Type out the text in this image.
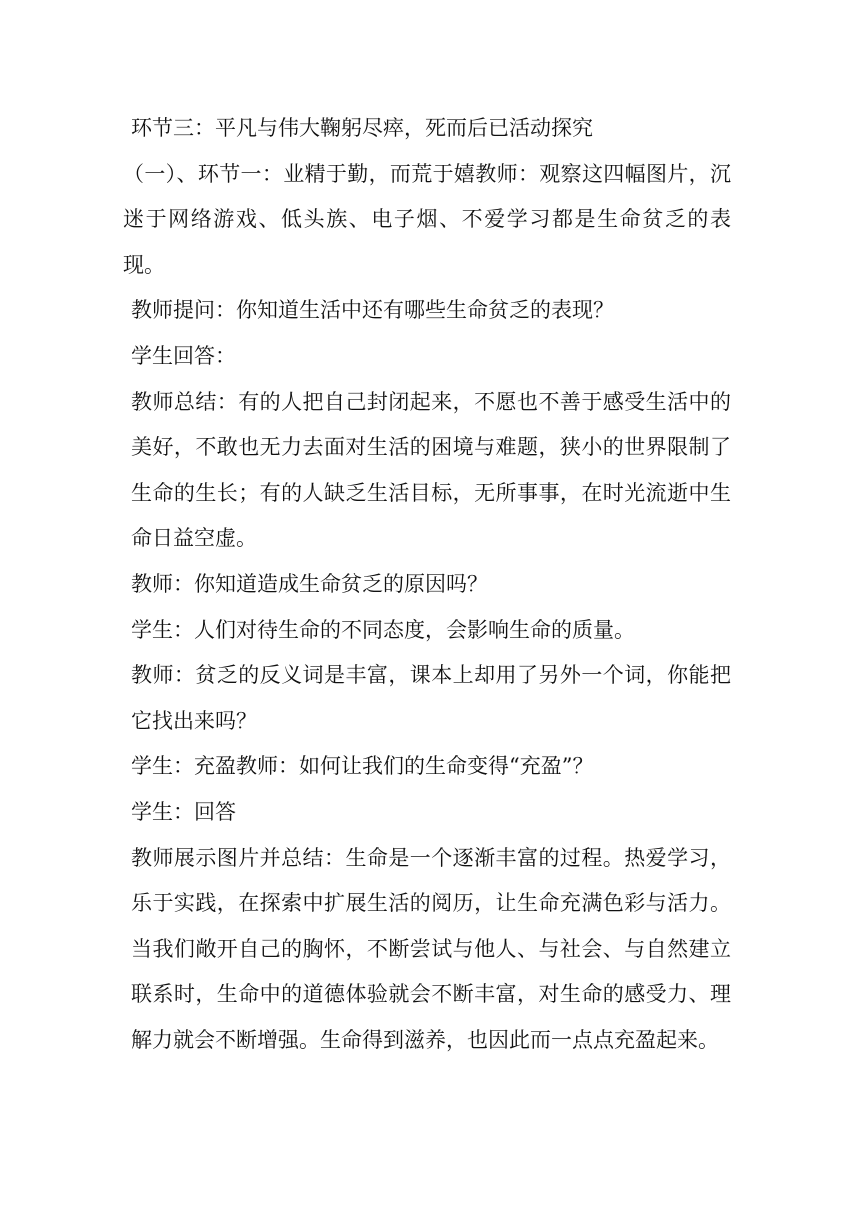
环节三：平凡与伟大鞠躬尽瘁，死而后已活动探究

（一）、环节一：业精于勤，而荒于嬉教师：观察这四幅图片，沉迷于网络游戏、低头族、电子烟、不爱学习都是生命贫乏的表现。

教师提问：你知道生活中还有哪些生命贫乏的表现？

学生回答：

教师总结：有的人把自己封闭起来，不愿也不善于感受生活中的美好，不敢也无力去面对生活的困境与难题，狭小的世界限制了生命的生长；有的人缺乏生活目标，无所事事，在时光流逝中生命日益空虚。

教师：你知道造成生命贫乏的原因吗？

学生：人们对待生命的不同态度，会影响生命的质量。

教师：贫乏的反义词是丰富，课本上却用了另外一个词，你能把它找出来吗？

学生：充盈教师：如何让我们的生命变得“充盈”？

学生：回答

教师展示图片并总结：生命是一个逐渐丰富的过程。热爱学习，乐于实践，在探索中扩展生活的阅历，让生命充满色彩与活力。当我们敞开自己的胸怀，不断尝试与他人、与社会、与自然建立联系时，生命中的道德体验就会不断丰富，对生命的感受力、理解力就会不断增强。生命得到滋养，也因此而一点点充盈起来。
